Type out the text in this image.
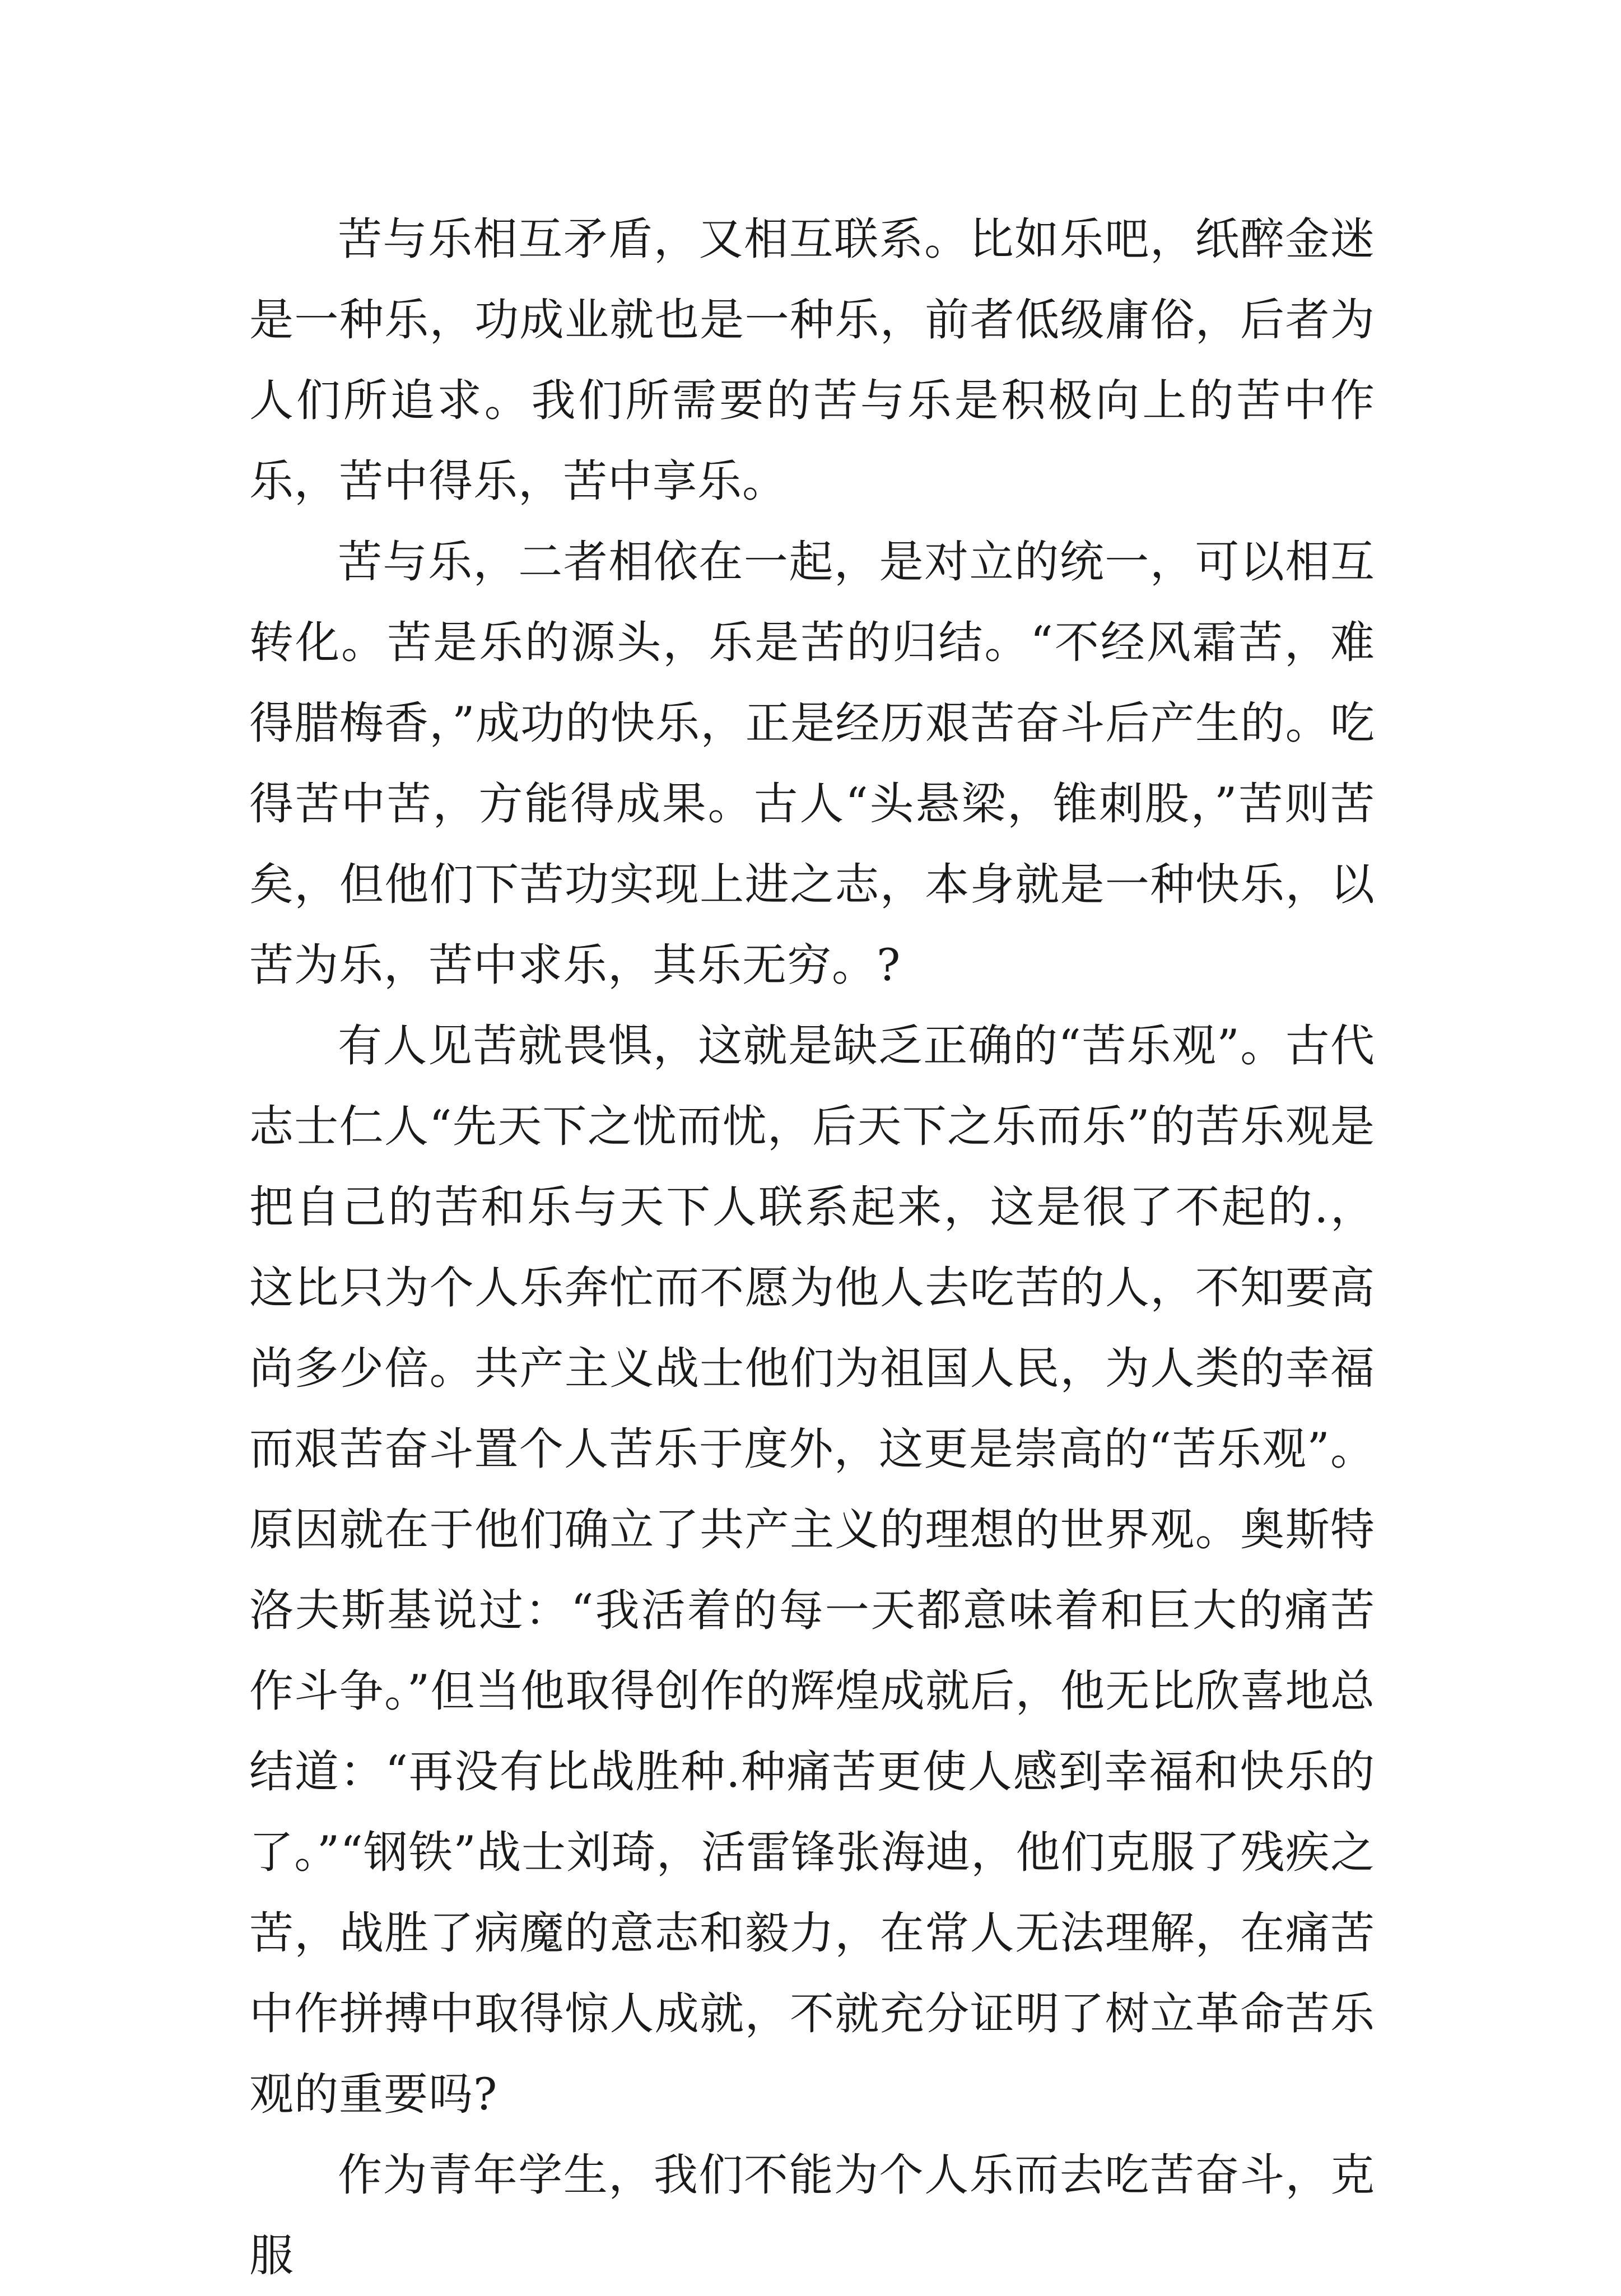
苦与乐相互矛盾，又相互联系。比如乐吧，纸醉金迷是一种乐，功成业就也是一种乐，前者低级庸俗，后者为人们所追求。我们所需要的苦与乐是积极向上的苦中作乐，苦中得乐，苦中享乐。

苦与乐，二者相依在一起，是对立的统一，可以相互转化。苦是乐的源头，乐是苦的归结。“不经风霜苦，难得腊梅香，”成功的快乐，正是经历艰苦奋斗后产生的。吃得苦中苦，方能得成果。古人“头悬梁，锥刺股，”苦则苦矣，但他们下苦功实现上进之志，本身就是一种快乐，以苦为乐，苦中求乐，其乐无穷。?

有人见苦就畏惧，这就是缺乏正确的“苦乐观”。古代志士仁人“先天下之忧而忧，后天下之乐而乐”的苦乐观是把自己的苦和乐与天下人联系起来，这是很了不起的.，这比只为个人乐奔忙而不愿为他人去吃苦的人，不知要高尚多少倍。共产主义战士他们为祖国人民，为人类的幸福而艰苦奋斗置个人苦乐于度外，这更是崇高的“苦乐观”。原因就在于他们确立了共产主义的理想的世界观。奥斯特洛夫斯基说过：“我活着的每一天都意味着和巨大的痛苦作斗争。”但当他取得创作的辉煌成就后，他无比欣喜地总结道：“再没有比战胜种.种痛苦更使人感到幸福和快乐的了。”“钢铁”战士刘琦，活雷锋张海迪，他们克服了残疾之苦，战胜了病魔的意志和毅力，在常人无法理解，在痛苦中作拼搏中取得惊人成就，不就充分证明了树立革命苦乐观的重要吗?

作为青年学生，我们不能为个人乐而去吃苦奋斗，克服
